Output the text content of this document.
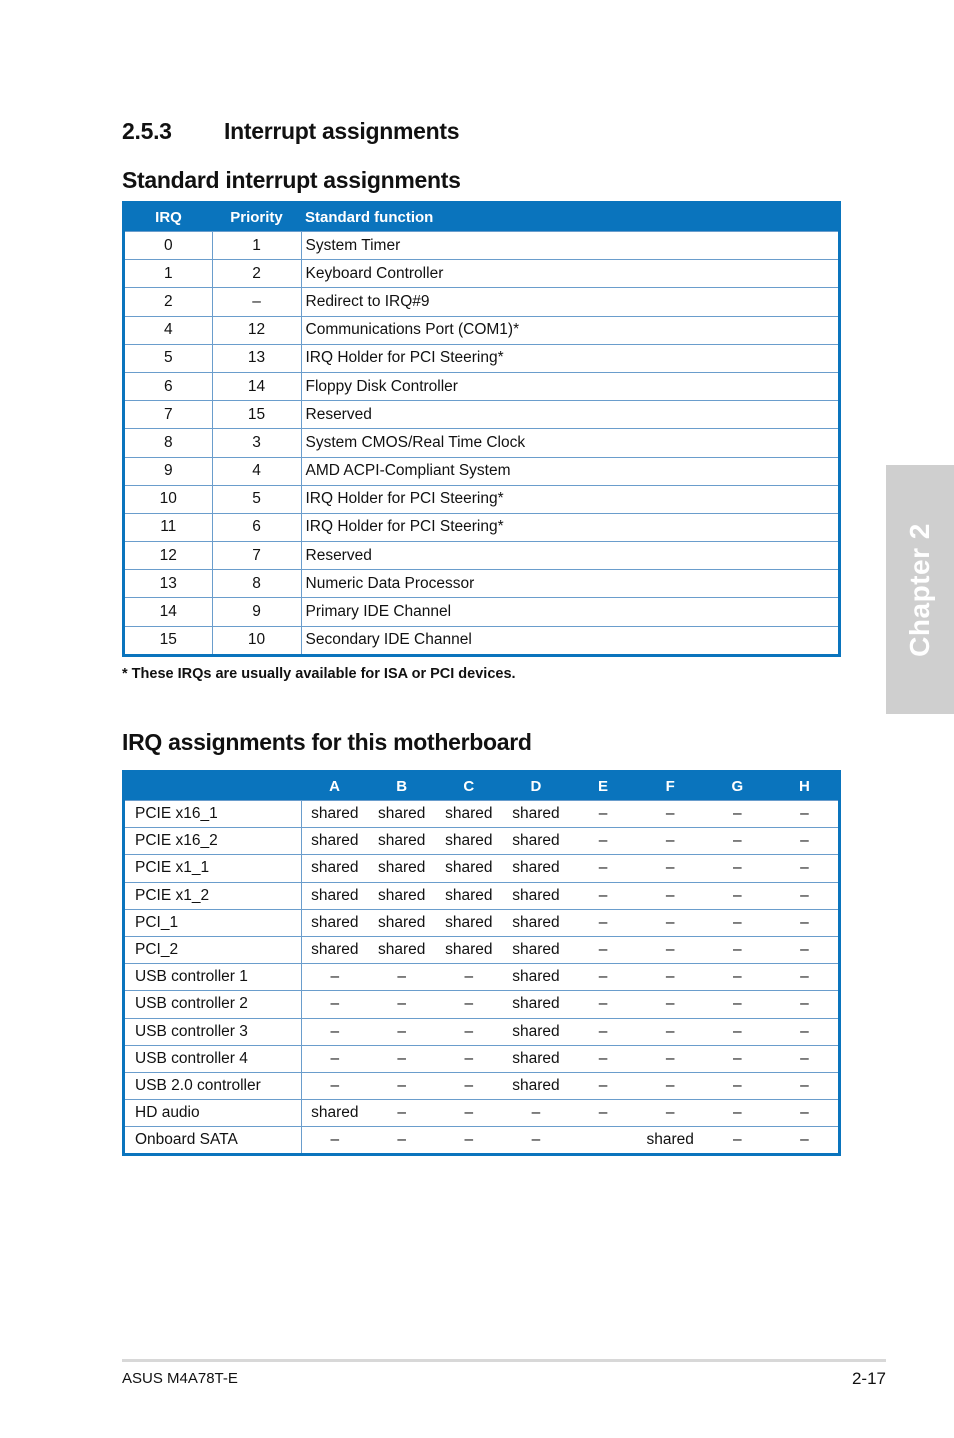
2.5.3 Interrupt assignments
Standard interrupt assignments
IRQ	Priority	Standard function
0	1	System Timer
1	2	Keyboard Controller
2	–	Redirect to IRQ#9
4	12	Communications Port (COM1)*
5	13	IRQ Holder for PCI Steering*
6	14	Floppy Disk Controller
7	15	Reserved
8	3	System CMOS/Real Time Clock
9	4	AMD ACPI-Compliant System
10	5	IRQ Holder for PCI Steering*
11	6	IRQ Holder for PCI Steering*
12	7	Reserved
13	8	Numeric Data Processor
14	9	Primary IDE Channel
15	10	Secondary IDE Channel
* These IRQs are usually available for ISA or PCI devices.
IRQ assignments for this motherboard
	A	B	C	D	E	F	G	H
PCIE x16_1	shared	shared	shared	shared	–	–	–	–
PCIE x16_2	shared	shared	shared	shared	–	–	–	–
PCIE x1_1	shared	shared	shared	shared	–	–	–	–
PCIE x1_2	shared	shared	shared	shared	–	–	–	–
PCI_1	shared	shared	shared	shared	–	–	–	–
PCI_2	shared	shared	shared	shared	–	–	–	–
USB controller 1	–	–	–	shared	–	–	–	–
USB controller 2	–	–	–	shared	–	–	–	–
USB controller 3	–	–	–	shared	–	–	–	–
USB controller 4	–	–	–	shared	–	–	–	–
USB 2.0 controller	–	–	–	shared	–	–	–	–
HD audio	shared	–	–	–	–	–	–	–
Onboard SATA	–	–	–	–		shared	–	–
Chapter 2
ASUS M4A78T-E	2-17
